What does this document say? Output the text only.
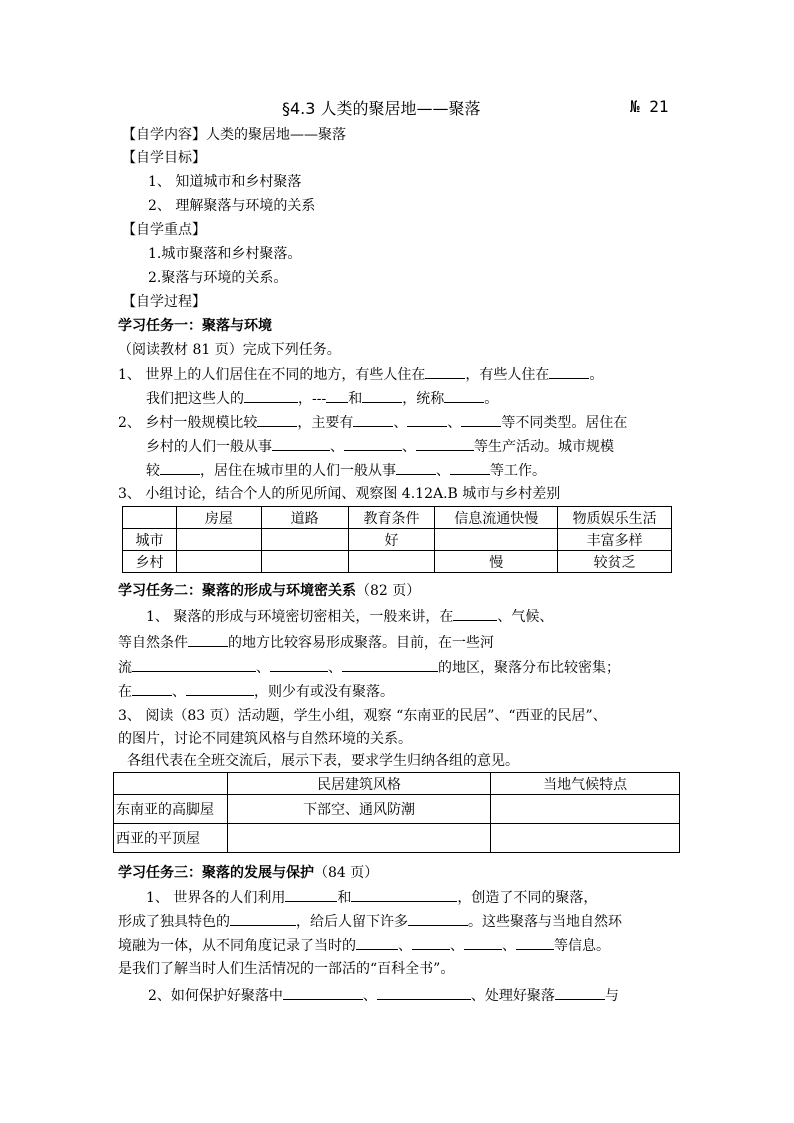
§4.3 人类的聚居地——聚落	№ 21
【自学内容】人类的聚居地——聚落
【自学目标】
1、 知道城市和乡村聚落
2、 理解聚落与环境的关系
【自学重点】
1.城市聚落和乡村聚落。
2.聚落与环境的关系。
【自学过程】
学习任务一：聚落与环境
（阅读教材 81 页）完成下列任务。
1、 世界上的人们居住在不同的地方，有些人住在	，有些人住在	。
我们把这些人的	，--- 和	，统称	。
2、 乡村一般规模比较	，主要有	、	、	等不同类型。居住在
乡村的人们一般从事	、	、	等生产活动。城市规模
较	，居住在城市里的人们一般从事	、	等工作。
3、 小组讨论，结合个人的所见所闻、观察图 4.12A.B 城市与乡村差别
	房屋	道路	教育条件	信息流通快慢	物质娱乐生活
城市			好		丰富多样
乡村				慢	较贫乏
学习任务二：聚落的形成与环境密关系（82 页）
1、 聚落的形成与环境密切密相关，一般来讲，在	、气候、
等自然条件	的地方比较容易形成聚落。目前，在一些河
流	、	、	的地区，聚落分布比较密集；
在	、	，则少有或没有聚落。
3、 阅读（83 页）活动题，学生小组，观察 “东南亚的民居”、“西亚的民居”、
的图片，讨论不同建筑风格与自然环境的关系。
各组代表在全班交流后，展示下表，要求学生归纳各组的意见。
	民居建筑风格	当地气候特点
东南亚的高脚屋	下部空、通风防潮	
西亚的平顶屋		
学习任务三：聚落的发展与保护（84 页）
1、 世界各的人们利用	和	，创造了不同的聚落，
形成了独具特色的	，给后人留下许多	。这些聚落与当地自然环
境融为一体，从不同角度记录了当时的	、	、	、	等信息。
是我们了解当时人们生活情况的一部活的“百科全书”。
2、如何保护好聚落中	、	、处理好聚落	与
